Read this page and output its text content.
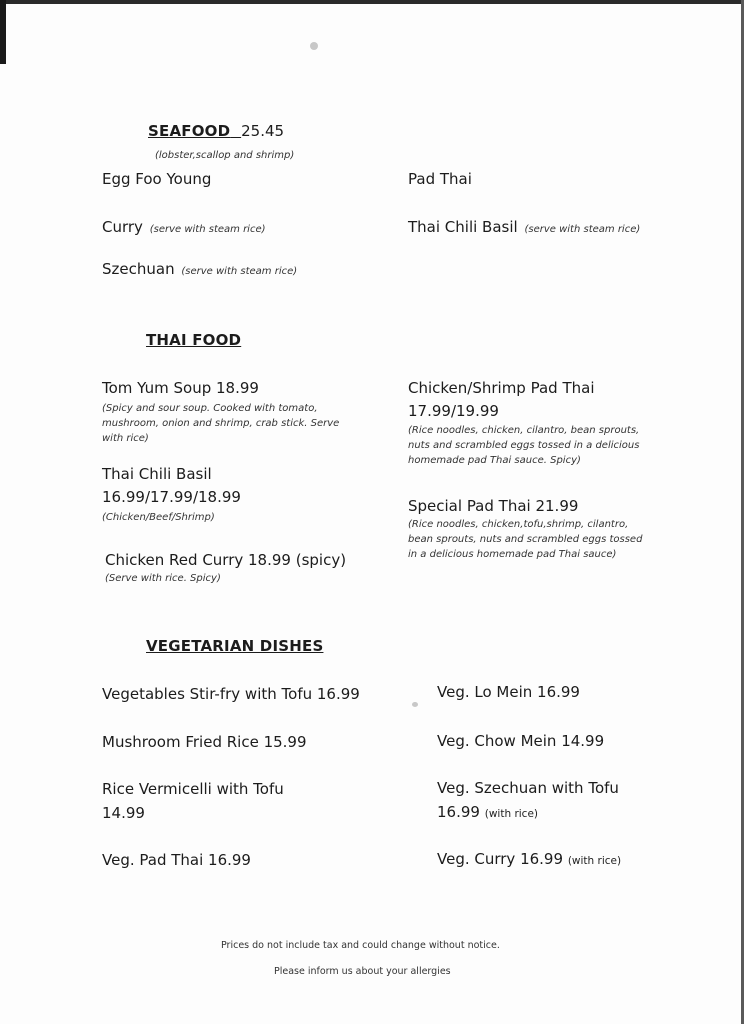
SEAFOOD 25.45

(lobster,scallop and shrimp)

Egg Foo Young

Curry (serve with steam rice)

Szechuan (serve with steam rice)

Pad Thai

Thai Chili Basil (serve with steam rice)

THAI FOOD

Tom Yum Soup 18.99

(Spicy and sour soup. Cooked with tomato, mushroom, onion and shrimp, crab stick. Serve with rice)

Thai Chili Basil

16.99/17.99/18.99

(Chicken/Beef/Shrimp)

Chicken Red Curry 18.99 (spicy)

(Serve with rice. Spicy)

Chicken/Shrimp Pad Thai

17.99/19.99

(Rice noodles, chicken, cilantro, bean sprouts, nuts and scrambled eggs tossed in a delicious homemade pad Thai sauce. Spicy)

Special Pad Thai 21.99

(Rice noodles, chicken,tofu,shrimp, cilantro, bean sprouts, nuts and scrambled eggs tossed in a delicious homemade pad Thai sauce)

VEGETARIAN DISHES

Vegetables Stir-fry with Tofu 16.99

Mushroom Fried Rice 15.99

Rice Vermicelli with Tofu

14.99

Veg. Pad Thai 16.99

Veg. Lo Mein 16.99

Veg. Chow Mein 14.99

Veg. Szechuan with Tofu

16.99 (with rice)

Veg. Curry 16.99 (with rice)

Prices do not include tax and could change without notice.

Please inform us about your allergies
